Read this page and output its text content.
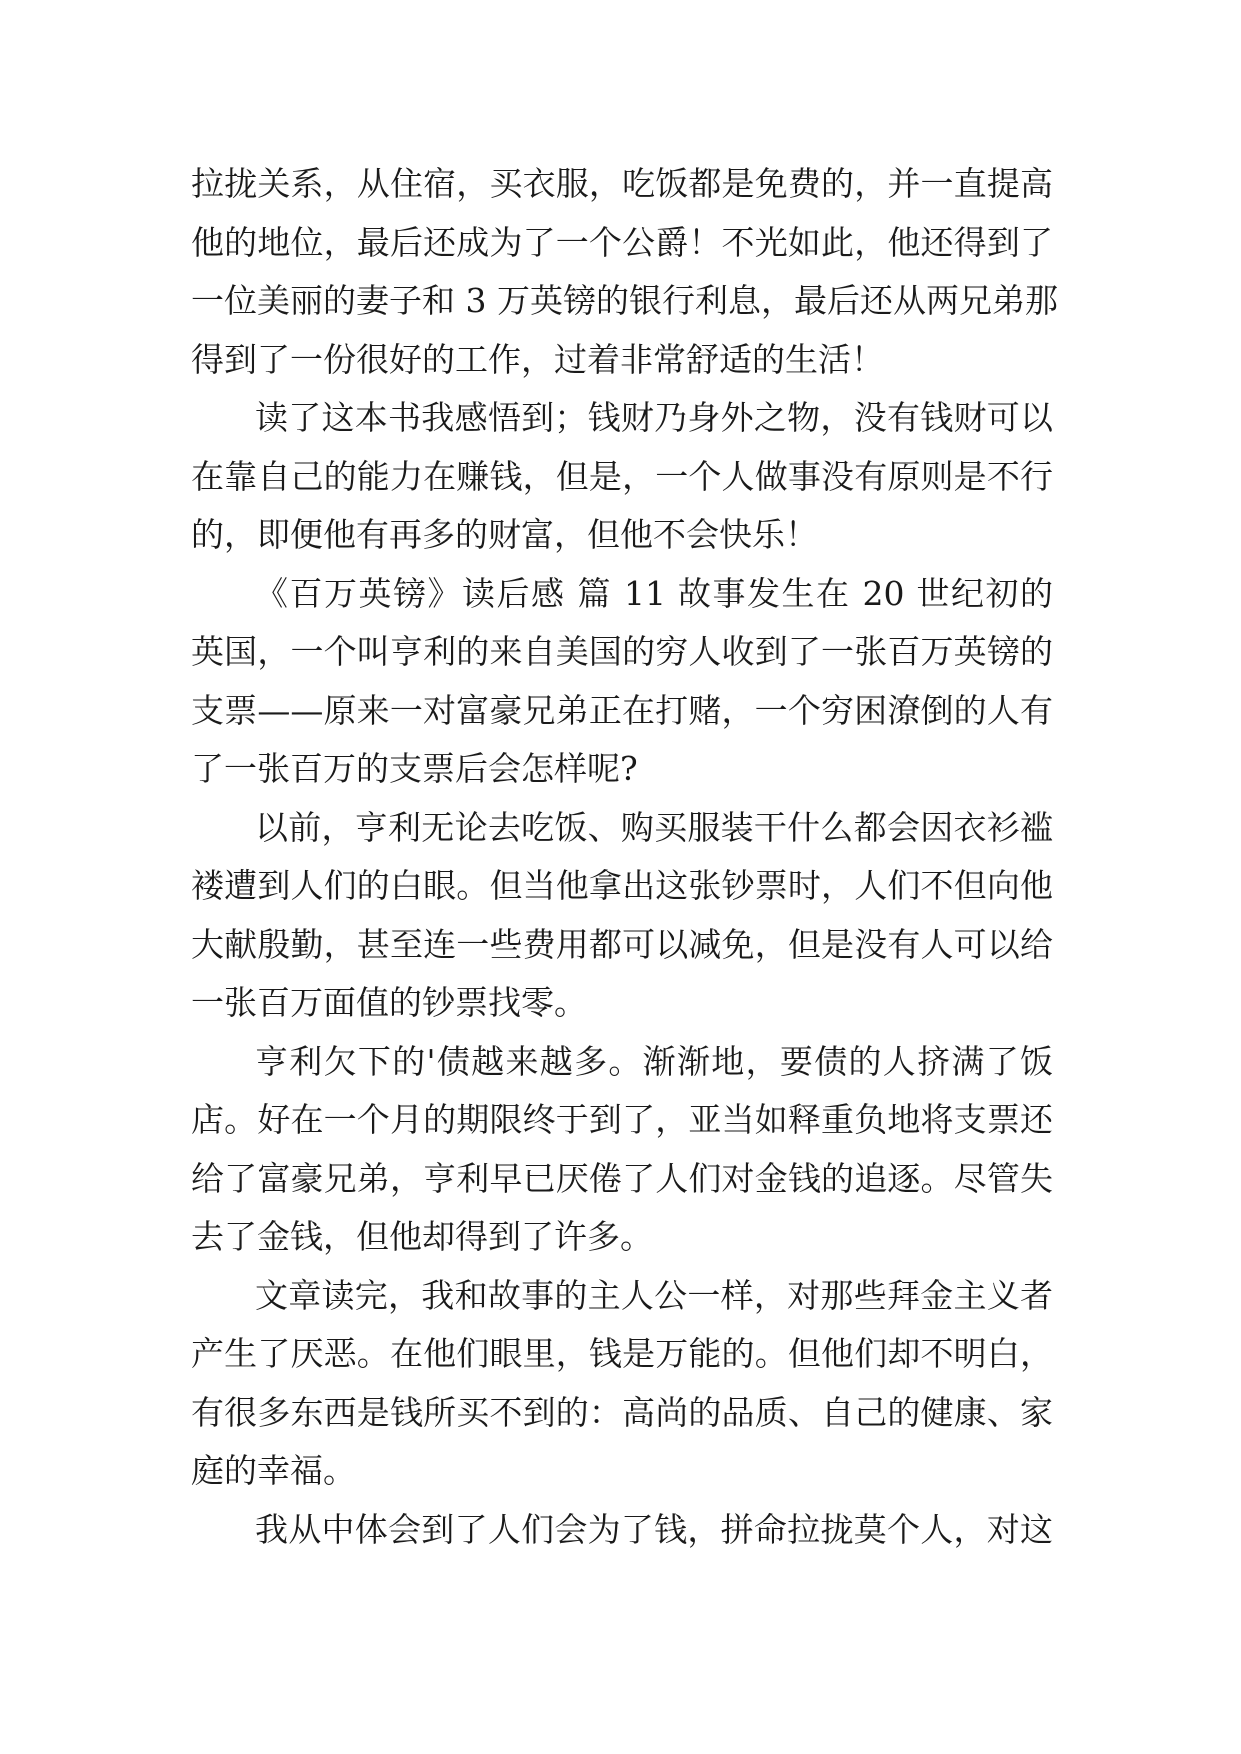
拉拢关系，从住宿，买衣服，吃饭都是免费的，并一直提高
他的地位，最后还成为了一个公爵！不光如此，他还得到了
一位美丽的妻子和 3 万英镑的银行利息，最后还从两兄弟那
得到了一份很好的工作，过着非常舒适的生活！
读了这本书我感悟到；钱财乃身外之物，没有钱财可以
在靠自己的能力在赚钱，但是，一个人做事没有原则是不行
的，即便他有再多的财富，但他不会快乐！
《百万英镑》读后感 篇 11 故事发生在 20 世纪初的
英国，一个叫亨利的来自美国的穷人收到了一张百万英镑的
支票——原来一对富豪兄弟正在打赌，一个穷困潦倒的人有
了一张百万的支票后会怎样呢?
以前，亨利无论去吃饭、购买服装干什么都会因衣衫褴
褛遭到人们的白眼。但当他拿出这张钞票时，人们不但向他
大献殷勤，甚至连一些费用都可以减免，但是没有人可以给
一张百万面值的钞票找零。
亨利欠下的'债越来越多。渐渐地，要债的人挤满了饭
店。好在一个月的期限终于到了，亚当如释重负地将支票还
给了富豪兄弟，亨利早已厌倦了人们对金钱的追逐。尽管失
去了金钱，但他却得到了许多。
文章读完，我和故事的主人公一样，对那些拜金主义者
产生了厌恶。在他们眼里，钱是万能的。但他们却不明白，
有很多东西是钱所买不到的：高尚的品质、自己的健康、家
庭的幸福。
我从中体会到了人们会为了钱，拼命拉拢莫个人，对这
